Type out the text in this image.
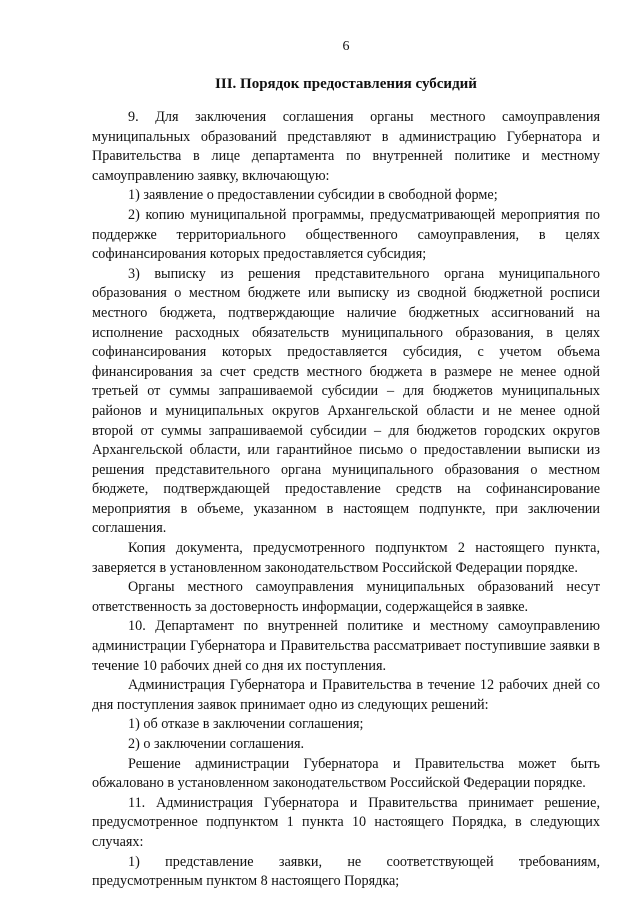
6
III. Порядок предоставления субсидий

9. Для заключения соглашения органы местного самоуправления муниципальных образований представляют в администрацию Губернатора и Правительства в лице департамента по внутренней политике и местному самоуправлению заявку, включающую:

1) заявление о предоставлении субсидии в свободной форме;

2) копию муниципальной программы, предусматривающей мероприятия по поддержке территориального общественного самоуправления, в целях софинансирования которых предоставляется субсидия;

3) выписку из решения представительного органа муниципального образования о местном бюджете или выписку из сводной бюджетной росписи местного бюджета, подтверждающие наличие бюджетных ассигнований на исполнение расходных обязательств муниципального образования, в целях софинансирования которых предоставляется субсидия, с учетом объема финансирования за счет средств местного бюджета в размере не менее одной третьей от суммы запрашиваемой субсидии – для бюджетов муниципальных районов и муниципальных округов Архангельской области и не менее одной второй от суммы запрашиваемой субсидии – для бюджетов городских округов Архангельской области, или гарантийное письмо о предоставлении выписки из решения представительного органа муниципального образования о местном бюджете, подтверждающей предоставление средств на софинансирование мероприятия в объеме, указанном в настоящем подпункте, при заключении соглашения.

Копия документа, предусмотренного подпунктом 2 настоящего пункта, заверяется в установленном законодательством Российской Федерации порядке.

Органы местного самоуправления муниципальных образований несут ответственность за достоверность информации, содержащейся в заявке.

10. Департамент по внутренней политике и местному самоуправлению администрации Губернатора и Правительства рассматривает поступившие заявки в течение 10 рабочих дней со дня их поступления.

Администрация Губернатора и Правительства в течение 12 рабочих дней со дня поступления заявок принимает одно из следующих решений:

1) об отказе в заключении соглашения;

2) о заключении соглашения.

Решение администрации Губернатора и Правительства может быть обжаловано в установленном законодательством Российской Федерации порядке.

11. Администрация Губернатора и Правительства принимает решение, предусмотренное подпунктом 1 пункта 10 настоящего Порядка, в следующих случаях:

1) представление заявки, не соответствующей требованиям, предусмотренным пунктом 8 настоящего Порядка;
